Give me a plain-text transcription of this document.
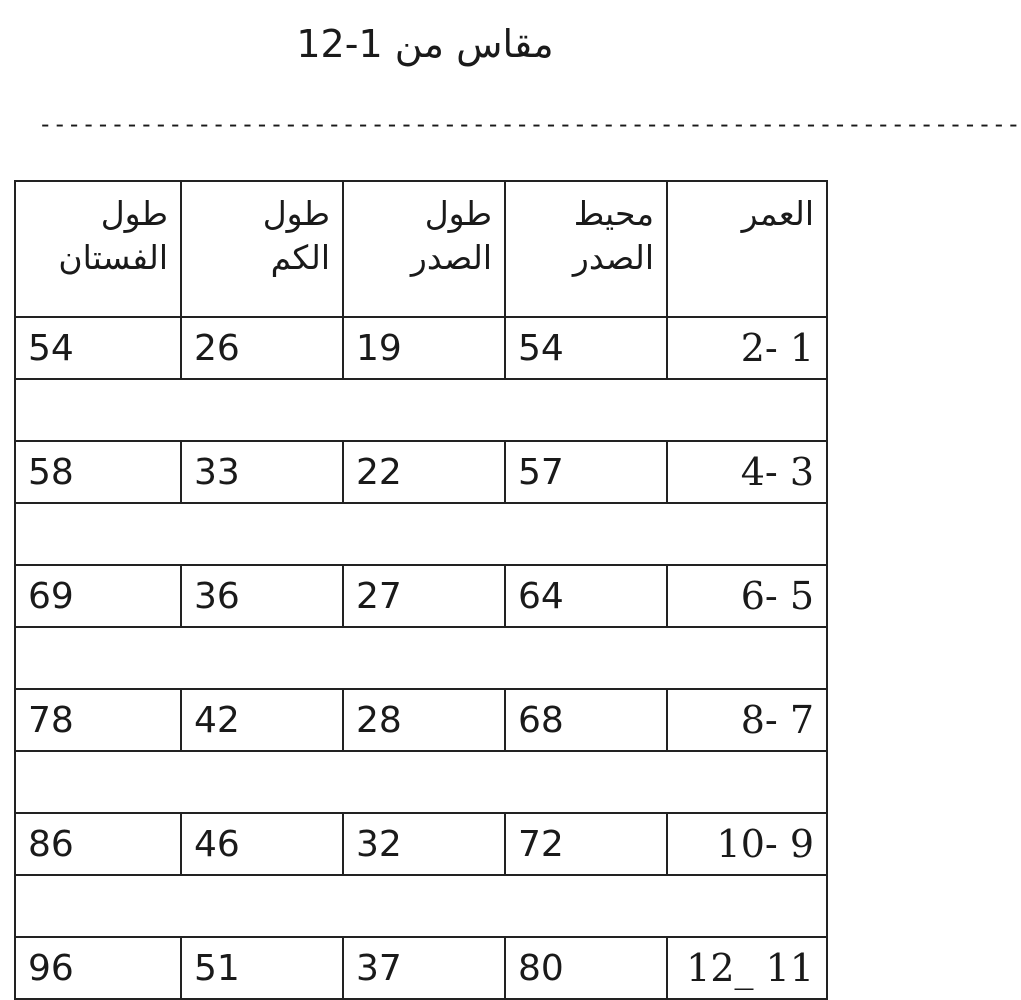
مقاس من 1-12
--------------------------------------------------------------------
العمر	محيط الصدر	طول الصدر	طول الكم	طول الفستان
1 -2	54	19	26	54

3 -4	57	22	33	58

5 -6	64	27	36	69

7 -8	68	28	42	78

9 -10	72	32	46	86

11 _12	80	37	51	96
